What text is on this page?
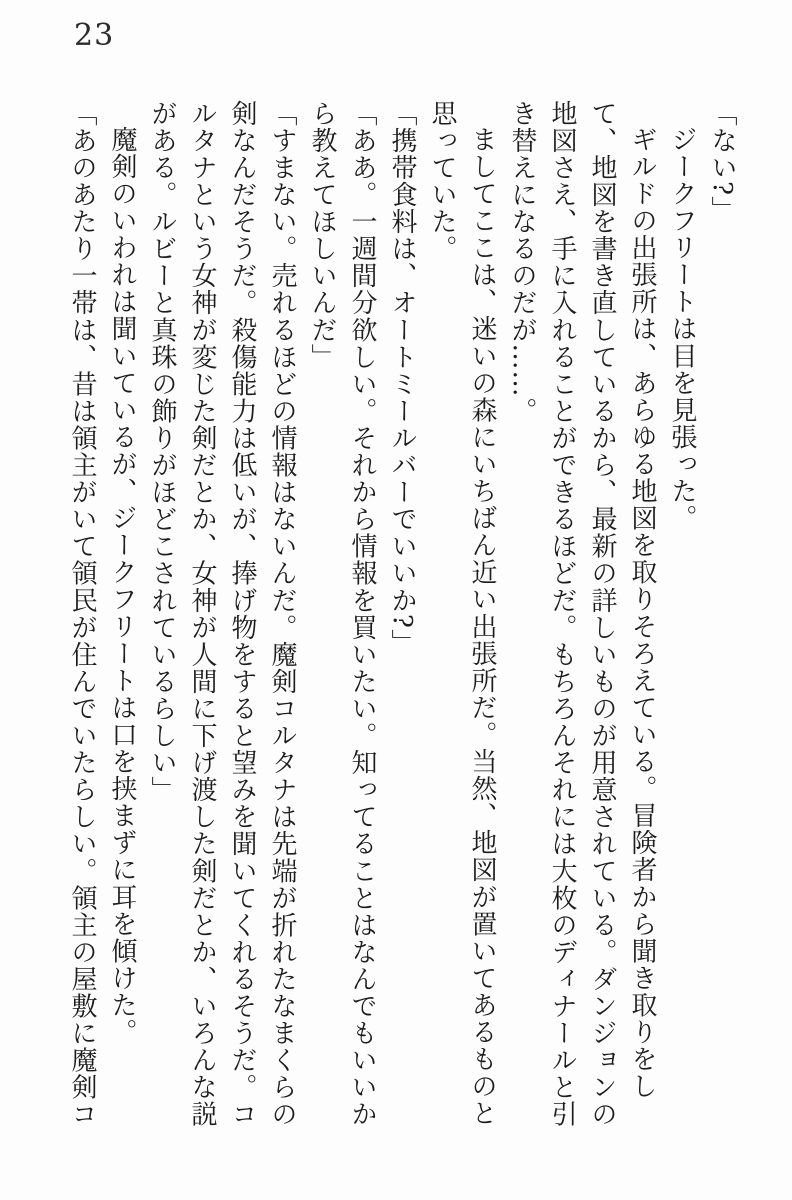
23

「ない?」

ジークフリートは目を見張った。

ギルドの出張所は、あらゆる地図を取りそろえている。冒険者から聞き取りをして、地図を書き直しているから、最新の詳しいものが用意されている。ダンジョンの地図さえ、手に入れることができるほどだ。もちろんそれには大枚のディナールと引き替えになるのだが……。

ましてここは、迷いの森にいちばん近い出張所だ。当然、地図が置いてあるものと思っていた。

「携帯食料は、オートミールバーでいいか?」

「ああ。一週間分欲しい。それから情報を買いたい。知ってることはなんでもいいから教えてほしいんだ」

「すまない。売れるほどの情報はないんだ。魔剣コルタナは先端が折れたなまくらの剣なんだそうだ。殺傷能力は低いが、捧げ物をすると望みを聞いてくれるそうだ。コルタナという女神が変じた剣だとか、女神が人間に下げ渡した剣だとか、いろんな説がある。ルビーと真珠の飾りがほどこされているらしい」

魔剣のいわれは聞いているが、ジークフリートは口を挟まずに耳を傾けた。

「あのあたり一帯は、昔は領主がいて領民が住んでいたらしい。領主の屋敷に魔剣コ
